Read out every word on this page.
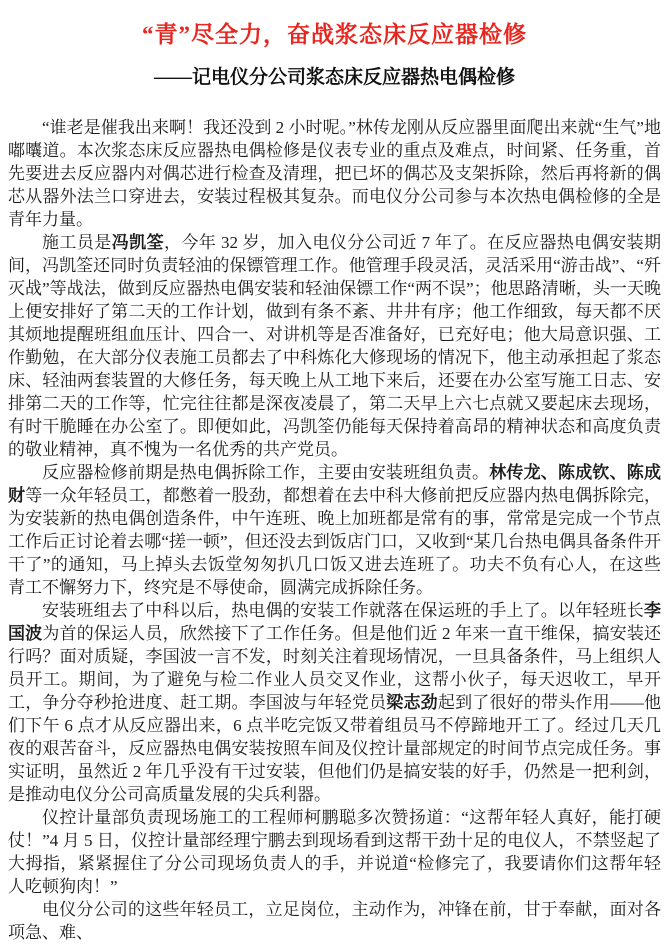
“青”尽全力，奋战浆态床反应器检修
——记电仪分公司浆态床反应器热电偶检修

“谁老是催我出来啊！我还没到 2 小时呢。”林传龙刚从反应器里面爬出来就“生气”地嘟囔道。本次浆态床反应器热电偶检修是仪表专业的重点及难点，时间紧、任务重，首先要进去反应器内对偶芯进行检查及清理，把已坏的偶芯及支架拆除，然后再将新的偶芯从器外法兰口穿进去，安装过程极其复杂。而电仪分公司参与本次热电偶检修的全是青年力量。

施工员是冯凯筌，今年 32 岁，加入电仪分公司近 7 年了。在反应器热电偶安装期间，冯凯筌还同时负责轻油的保镖管理工作。他管理手段灵活，灵活采用“游击战”、“歼灭战”等战法，做到反应器热电偶安装和轻油保镖工作“两不误”；他思路清晰，头一天晚上便安排好了第二天的工作计划，做到有条不紊、井井有序；他工作细致，每天都不厌其烦地提醒班组血压计、四合一、对讲机等是否准备好，已充好电；他大局意识强、工作勤勉，在大部分仪表施工员都去了中科炼化大修现场的情况下，他主动承担起了浆态床、轻油两套装置的大修任务，每天晚上从工地下来后，还要在办公室写施工日志、安排第二天的工作等，忙完往往都是深夜凌晨了，第二天早上六七点就又要起床去现场，有时干脆睡在办公室了。即便如此，冯凯筌仍能每天保持着高昂的精神状态和高度负责的敬业精神，真不愧为一名优秀的共产党员。

反应器检修前期是热电偶拆除工作，主要由安装班组负责。林传龙、陈成钦、陈成财等一众年轻员工，都憋着一股劲，都想着在去中科大修前把反应器内热电偶拆除完，为安装新的热电偶创造条件，中午连班、晚上加班都是常有的事，常常是完成一个节点工作后正讨论着去哪“搓一顿”，但还没去到饭店门口，又收到“某几台热电偶具备条件开干了”的通知，马上掉头去饭堂匆匆扒几口饭又进去连班了。功夫不负有心人，在这些青工不懈努力下，终究是不辱使命，圆满完成拆除任务。

安装班组去了中科以后，热电偶的安装工作就落在保运班的手上了。以年轻班长李国波为首的保运人员，欣然接下了工作任务。但是他们近 2 年来一直干维保，搞安装还行吗？面对质疑，李国波一言不发，时刻关注着现场情况，一旦具备条件，马上组织人员开工。期间，为了避免与检二作业人员交叉作业，这帮小伙子，每天迟收工，早开工，争分夺秒抢进度、赶工期。李国波与年轻党员梁志劲起到了很好的带头作用——他们下午 6 点才从反应器出来，6 点半吃完饭又带着组员马不停蹄地开工了。经过几天几夜的艰苦奋斗，反应器热电偶安装按照车间及仪控计量部规定的时间节点完成任务。事实证明，虽然近 2 年几乎没有干过安装，但他们仍是搞安装的好手，仍然是一把利剑，是推动电仪分公司高质量发展的尖兵利器。

仪控计量部负责现场施工的工程师柯鹏聪多次赞扬道：“这帮年轻人真好，能打硬仗！”4 月 5 日，仪控计量部经理宁鹏去到现场看到这帮干劲十足的电仪人，不禁竖起了大拇指，紧紧握住了分公司现场负责人的手，并说道“检修完了，我要请你们这帮年轻人吃顿狗肉！”

电仪分公司的这些年轻员工，立足岗位，主动作为，冲锋在前，甘于奉献，面对各项急、难、
